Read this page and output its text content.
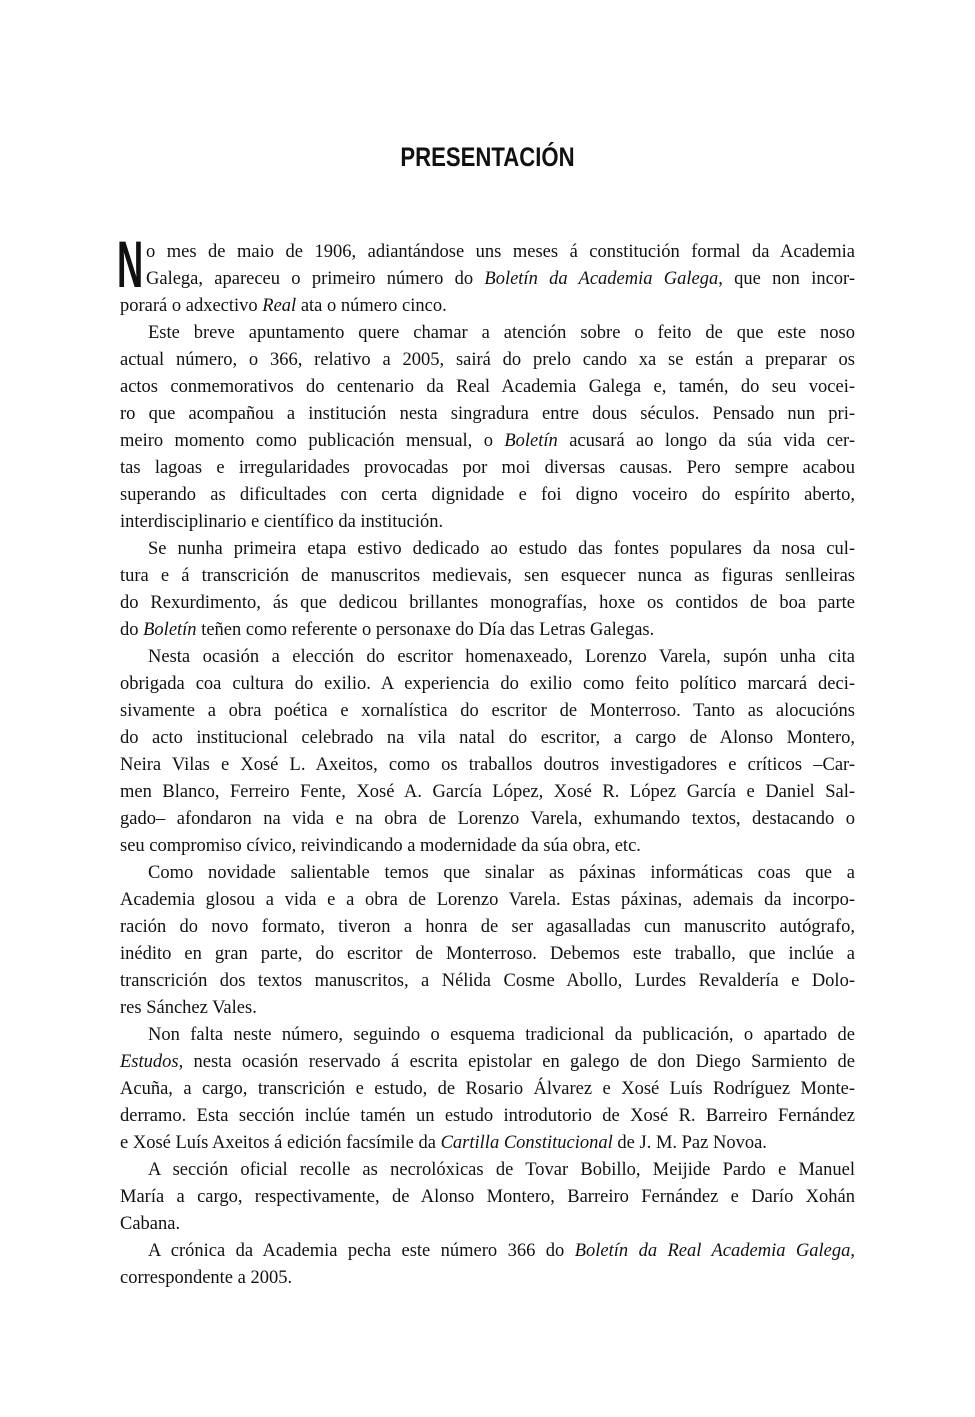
PRESENTACIÓN
N o mes de maio de 1906, adiantándose uns meses á constitución formal da Academia
Galega, apareceu o primeiro número do Boletín da Academia Galega, que non incor-
porará o adxectivo Real ata o número cinco.
Este breve apuntamento quere chamar a atención sobre o feito de que este noso
actual número, o 366, relativo a 2005, sairá do prelo cando xa se están a preparar os
actos conmemorativos do centenario da Real Academia Galega e, tamén, do seu vocei-
ro que acompañou a institución nesta singradura entre dous séculos. Pensado nun pri-
meiro momento como publicación mensual, o Boletín acusará ao longo da súa vida cer-
tas lagoas e irregularidades provocadas por moi diversas causas. Pero sempre acabou
superando as dificultades con certa dignidade e foi digno voceiro do espírito aberto,
interdisciplinario e científico da institución.
Se nunha primeira etapa estivo dedicado ao estudo das fontes populares da nosa cul-
tura e á transcrición de manuscritos medievais, sen esquecer nunca as figuras senlleiras
do Rexurdimento, ás que dedicou brillantes monografías, hoxe os contidos de boa parte
do Boletín teñen como referente o personaxe do Día das Letras Galegas.
Nesta ocasión a elección do escritor homenaxeado, Lorenzo Varela, supón unha cita
obrigada coa cultura do exilio. A experiencia do exilio como feito político marcará deci-
sivamente a obra poética e xornalística do escritor de Monterroso. Tanto as alocucións
do acto institucional celebrado na vila natal do escritor, a cargo de Alonso Montero,
Neira Vilas e Xosé L. Axeitos, como os traballos doutros investigadores e críticos –Car-
men Blanco, Ferreiro Fente, Xosé A. García López, Xosé R. López García e Daniel Sal-
gado– afondaron na vida e na obra de Lorenzo Varela, exhumando textos, destacando o
seu compromiso cívico, reivindicando a modernidade da súa obra, etc.
Como novidade salientable temos que sinalar as páxinas informáticas coas que a
Academia glosou a vida e a obra de Lorenzo Varela. Estas páxinas, ademais da incorpo-
ración do novo formato, tiveron a honra de ser agasalladas cun manuscrito autógrafo,
inédito en gran parte, do escritor de Monterroso. Debemos este traballo, que inclúe a
transcrición dos textos manuscritos, a Nélida Cosme Abollo, Lurdes Revaldería e Dolo-
res Sánchez Vales.
Non falta neste número, seguindo o esquema tradicional da publicación, o apartado de
Estudos, nesta ocasión reservado á escrita epistolar en galego de don Diego Sarmiento de
Acuña, a cargo, transcrición e estudo, de Rosario Álvarez e Xosé Luís Rodríguez Monte-
derramo. Esta sección inclúe tamén un estudo introdutorio de Xosé R. Barreiro Fernández
e Xosé Luís Axeitos á edición facsímile da Cartilla Constitucional de J. M. Paz Novoa.
A sección oficial recolle as necrolóxicas de Tovar Bobillo, Meijide Pardo e Manuel
María a cargo, respectivamente, de Alonso Montero, Barreiro Fernández e Darío Xohán
Cabana.
A crónica da Academia pecha este número 366 do Boletín da Real Academia Galega,
correspondente a 2005.
